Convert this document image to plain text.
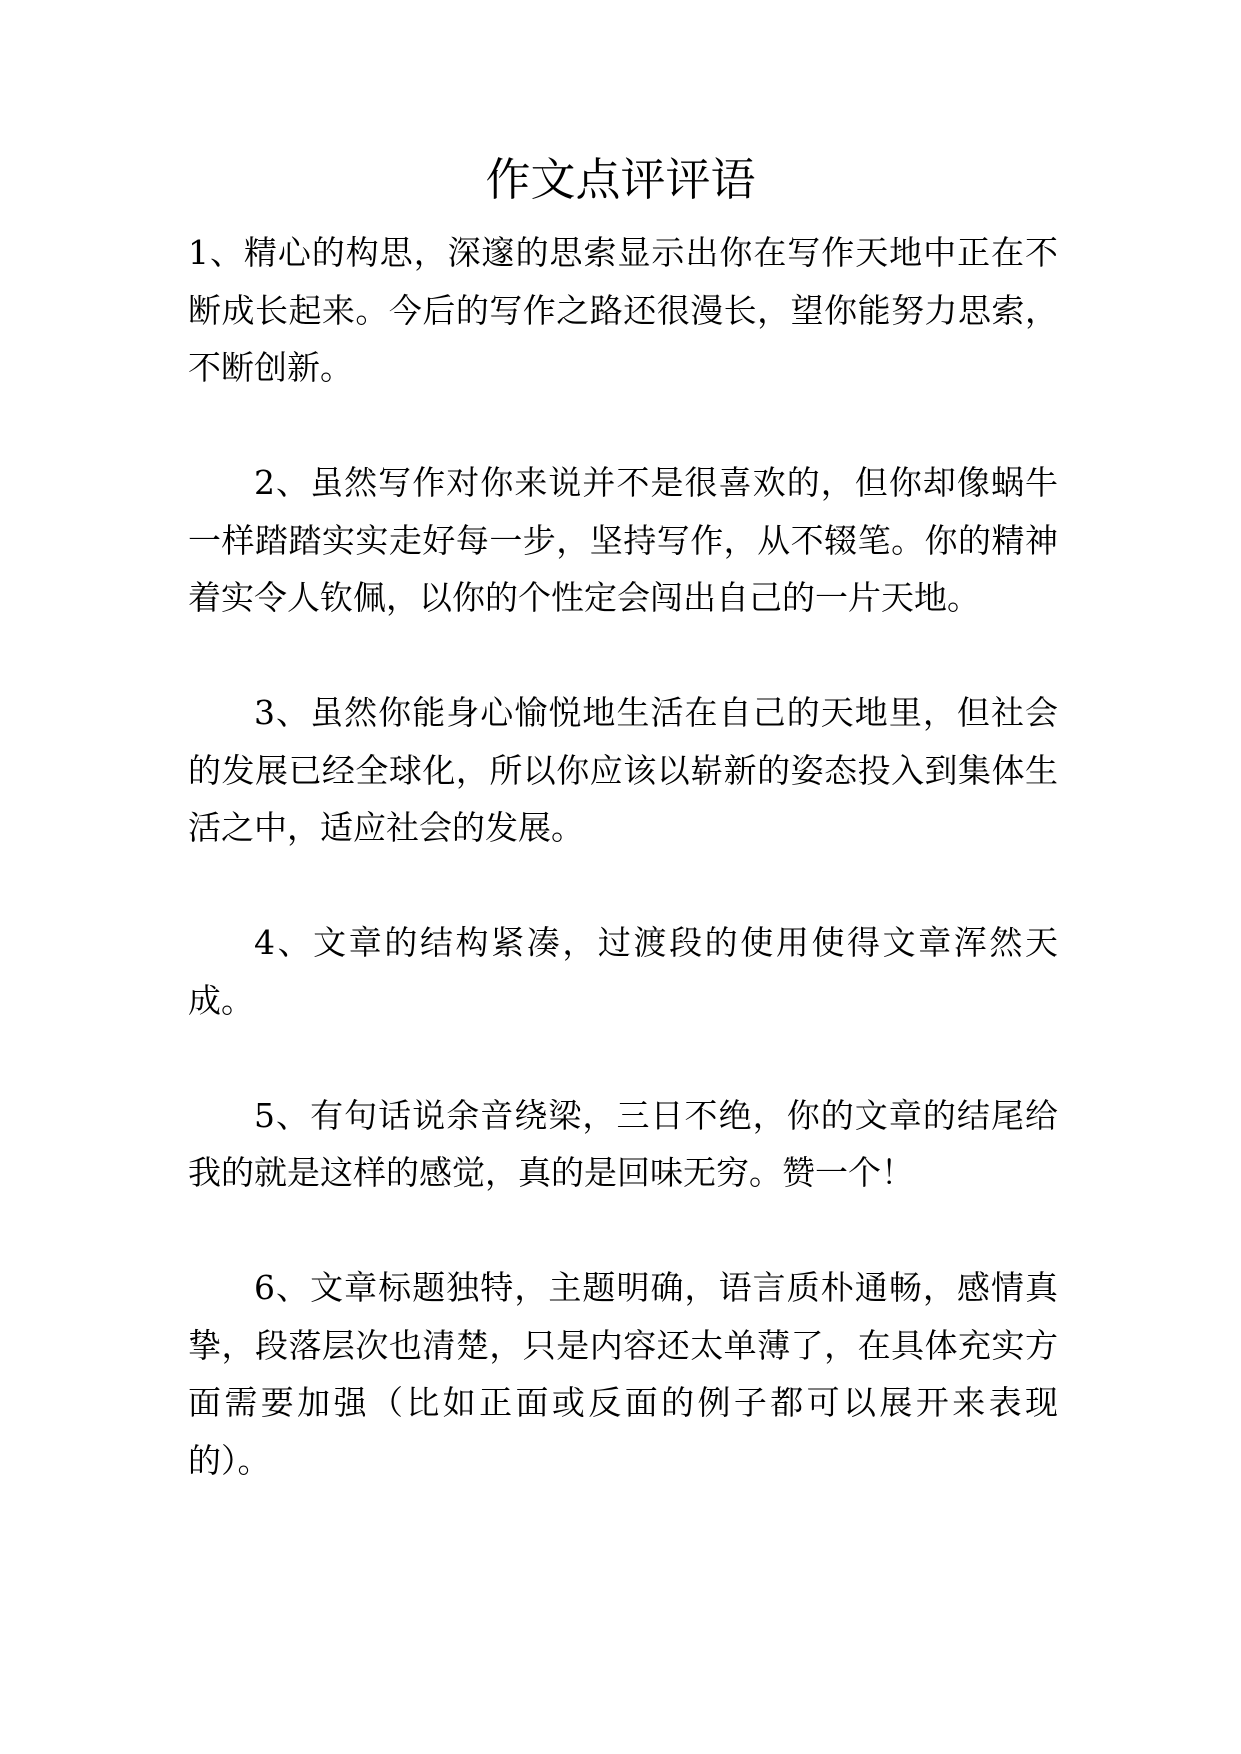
作文点评评语

1、精心的构思，深邃的思索显示出你在写作天地中正在不断成长起来。今后的写作之路还很漫长，望你能努力思索，不断创新。

2、虽然写作对你来说并不是很喜欢的，但你却像蜗牛一样踏踏实实走好每一步，坚持写作，从不辍笔。你的精神着实令人钦佩，以你的个性定会闯出自己的一片天地。

3、虽然你能身心愉悦地生活在自己的天地里，但社会的发展已经全球化，所以你应该以崭新的姿态投入到集体生活之中，适应社会的发展。

4、文章的结构紧凑，过渡段的使用使得文章浑然天成。

5、有句话说余音绕梁，三日不绝，你的文章的结尾给我的就是这样的感觉，真的是回味无穷。赞一个！

6、文章标题独特，主题明确，语言质朴通畅，感情真挚，段落层次也清楚，只是内容还太单薄了，在具体充实方面需要加强（比如正面或反面的例子都可以展开来表现的）。
